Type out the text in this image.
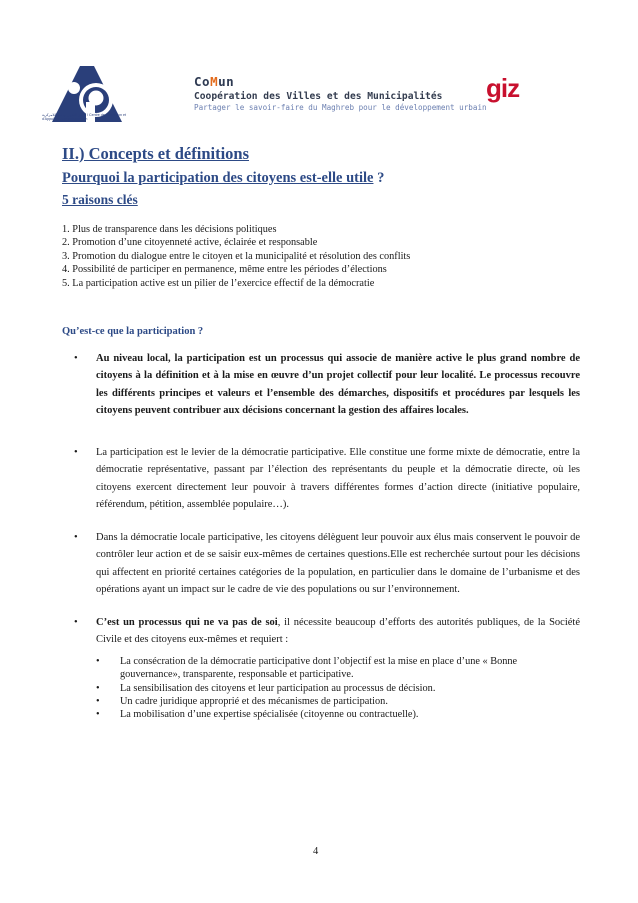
مركز التكوين ودعم اللامركزية / Centre de Formation et d'Appui à la Décentralisation
CoMun
Coopération des Villes et des Municipalités
Partager le savoir-faire du Maghreb pour le développement urbain
giz
II.) Concepts et définitions
Pourquoi la participation des citoyens est-elle utile ?
5 raisons clés
1. Plus de transparence dans les décisions politiques
2. Promotion d’une citoyenneté active, éclairée et responsable
3. Promotion du dialogue entre le citoyen et la municipalité et résolution des conflits
4. Possibilité de participer en permanence, même entre les périodes d’élections
5. La participation active est un pilier de l’exercice effectif de la démocratie

Qu’est-ce que la participation ?

• Au niveau local, la participation est un processus qui associe de manière active le plus grand nombre de citoyens à la définition et à la mise en œuvre d’un projet collectif pour leur localité. Le processus recouvre les différents principes et valeurs et l’ensemble des démarches, dispositifs et procédures par lesquels les citoyens peuvent contribuer aux décisions concernant la gestion des affaires locales.
• La participation est le levier de la démocratie participative. Elle constitue une forme mixte de démocratie, entre la démocratie représentative, passant par l’élection des représentants du peuple et la démocratie directe, où les citoyens exercent directement leur pouvoir à travers différentes formes d’action directe (initiative populaire, référendum, pétition, assemblée populaire…).
• Dans la démocratie locale participative, les citoyens délèguent leur pouvoir aux élus mais conservent le pouvoir de contrôler leur action et de se saisir eux-mêmes de certaines questions.Elle est recherchée surtout pour les décisions qui affectent en priorité certaines catégories de la population, en particulier dans le domaine de l’urbanisme et des opérations ayant un impact sur le cadre de vie des populations ou sur l’environnement.
• C’est un processus qui ne va pas de soi, il nécessite beaucoup d’efforts des autorités publiques, de la Société Civile et des citoyens eux-mêmes et requiert :
• La consécration de la démocratie participative dont l’objectif est la mise en place d’une « Bonne gouvernance», transparente, responsable et participative.
• La sensibilisation des citoyens et leur participation au processus de décision.
• Un cadre juridique approprié et des mécanismes de participation.
• La mobilisation d’une expertise spécialisée (citoyenne ou contractuelle).
4
